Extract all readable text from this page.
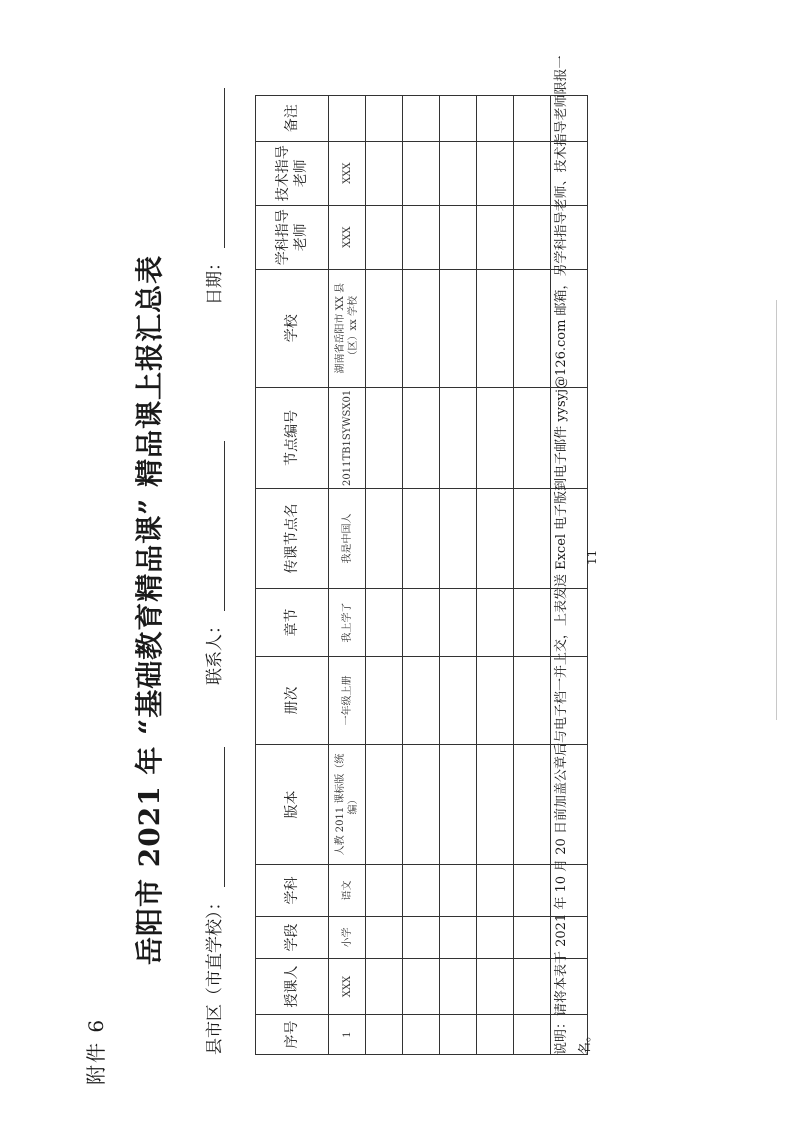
附件 6
岳阳市 2021 年 “基础教育精品课” 精品课上报汇总表
县市区（市直学校）：
联系人：
日期：
序号	授课人	学段	学科	版本	册次	章节	传课节点名	节点编号	学校	学科指导老师	技术指导老师	备注
1	XXX	小学	语文	人教 2011 课标版（统编）	一年级上册	我上学了	我是中国人	2011TB1SYWSX01	湖南省岳阳市 XX 县（区）xx 学校	XXX	XXX	

													说明：请将本表于 2021 年 10 月 20 日前加盖公章后与电子档一并上交，上表发送 Excel 电子版到电子邮件 yysyj@126.com 邮箱，另学科指导老师、技术指导老师限报一名。
11
